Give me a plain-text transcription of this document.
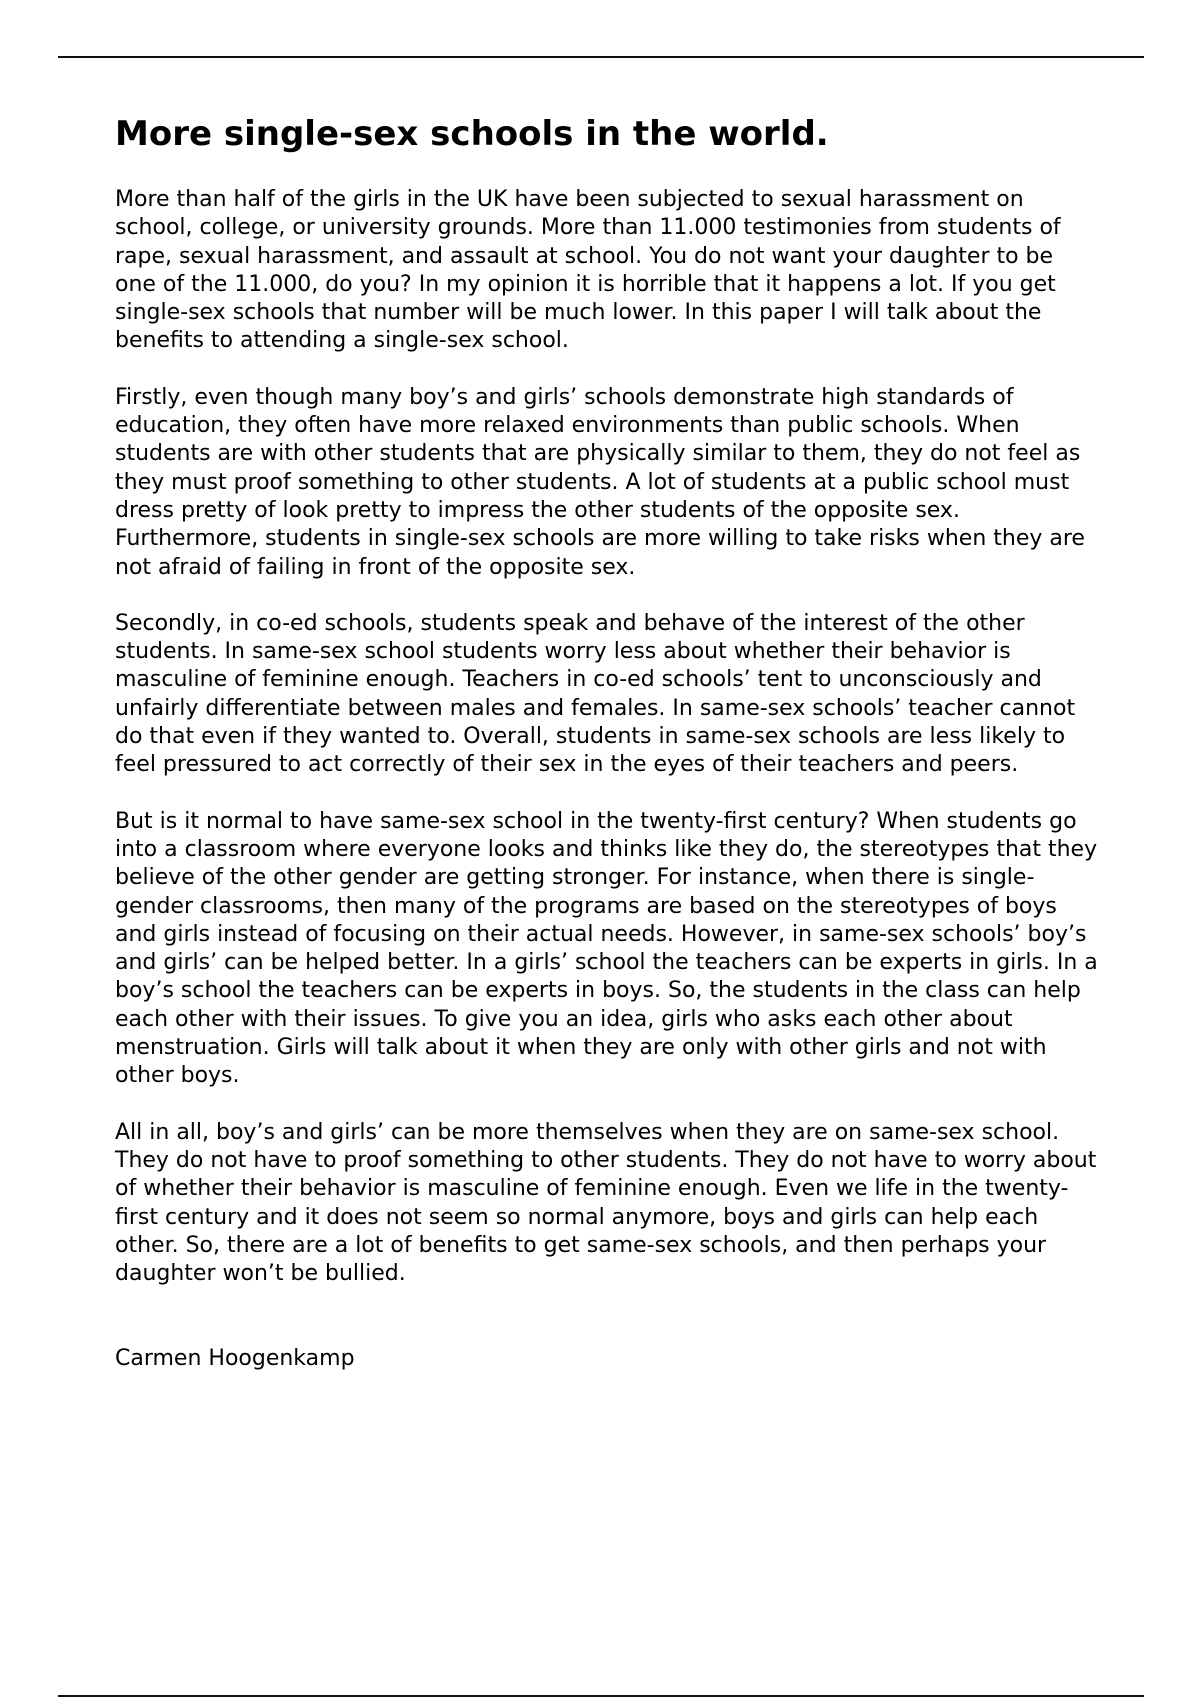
More single-sex schools in the world.

More than half of the girls in the UK have been subjected to sexual harassment on school, college, or university grounds. More than 11.000 testimonies from students of rape, sexual harassment, and assault at school. You do not want your daughter to be one of the 11.000, do you? In my opinion it is horrible that it happens a lot. If you get single-sex schools that number will be much lower. In this paper I will talk about the benefits to attending a single-sex school.

Firstly, even though many boy’s and girls’ schools demonstrate high standards of education, they often have more relaxed environments than public schools. When students are with other students that are physically similar to them, they do not feel as they must proof something to other students. A lot of students at a public school must dress pretty of look pretty to impress the other students of the opposite sex. Furthermore, students in single-sex schools are more willing to take risks when they are not afraid of failing in front of the opposite sex.

Secondly, in co-ed schools, students speak and behave of the interest of the other students. In same-sex school students worry less about whether their behavior is masculine of feminine enough. Teachers in co-ed schools’ tent to unconsciously and unfairly differentiate between males and females. In same-sex schools’ teacher cannot do that even if they wanted to. Overall, students in same-sex schools are less likely to feel pressured to act correctly of their sex in the eyes of their teachers and peers.

But is it normal to have same-sex school in the twenty-first century? When students go into a classroom where everyone looks and thinks like they do, the stereotypes that they believe of the other gender are getting stronger. For instance, when there is single-gender classrooms, then many of the programs are based on the stereotypes of boys and girls instead of focusing on their actual needs. However, in same-sex schools’ boy’s and girls’ can be helped better. In a girls’ school the teachers can be experts in girls. In a boy’s school the teachers can be experts in boys. So, the students in the class can help each other with their issues. To give you an idea, girls who asks each other about menstruation. Girls will talk about it when they are only with other girls and not with other boys.

All in all, boy’s and girls’ can be more themselves when they are on same-sex school. They do not have to proof something to other students. They do not have to worry about of whether their behavior is masculine of feminine enough. Even we life in the twenty-first century and it does not seem so normal anymore, boys and girls can help each other. So, there are a lot of benefits to get same-sex schools, and then perhaps your daughter won’t be bullied.

Carmen Hoogenkamp
